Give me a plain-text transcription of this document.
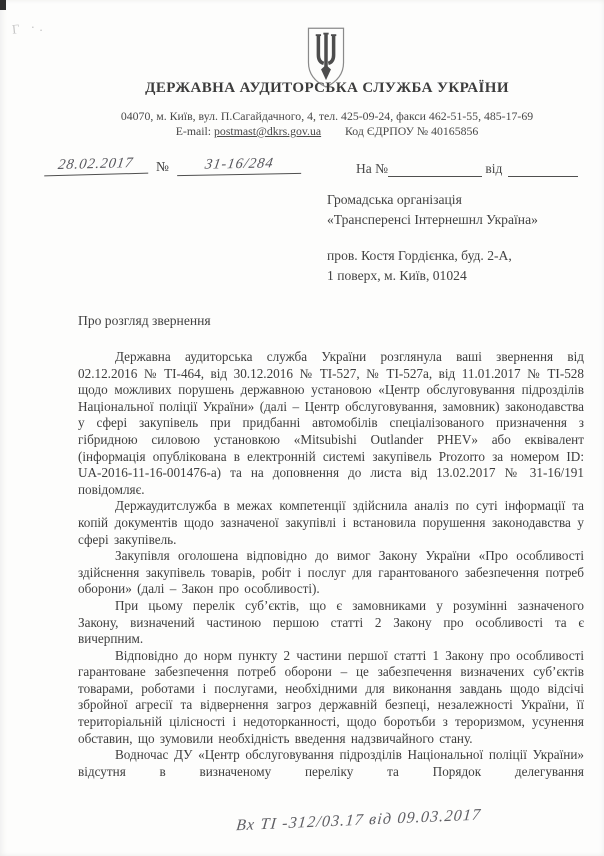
Г ·.
ДЕРЖАВНА АУДИТОРСЬКА СЛУЖБА УКРАЇНИ
04070, м. Київ, вул. П.Сагайдачного, 4, тел. 425-09-24, факси 462-51-55, 485-17-69
E-mail: postmast@dkrs.gov.ua Код ЄДРПОУ № 40165856
28.02.2017	№	31-16/284	На №	від
Громадська організація
«Трансперенсі Інтернешнл Україна»
пров. Костя Гордієнка, буд. 2-А,
1 поверх, м. Київ, 01024
Про розгляд звернення

Державна аудиторська служба України розглянула ваші звернення від 02.12.2016 № ТІ-464, від 30.12.2016 № ТІ-527, № ТІ-527а, від 11.01.2017 № ТІ-528 щодо можливих порушень державною установою «Центр обслуговування підрозділів Національної поліції України» (далі – Центр обслуговування, замовник) законодавства у сфері закупівель при придбанні автомобілів спеціалізованого призначення з гібридною силовою установкою «Mitsubishi Outlander PHEV» або еквівалент (інформація опублікована в електронній системі закупівель Prozorro за номером ID: UA-2016-11-16-001476-а) та на доповнення до листа від 13.02.2017 № 31-16/191 повідомляє.

Держаудитслужба в межах компетенції здійснила аналіз по суті інформації та копій документів щодо зазначеної закупівлі і встановила порушення законодавства у сфері закупівель.

Закупівля оголошена відповідно до вимог Закону України «Про особливості здійснення закупівель товарів, робіт і послуг для гарантованого забезпечення потреб оборони» (далі – Закон про особливості).

При цьому перелік суб’єктів, що є замовниками у розумінні зазначеного Закону, визначений частиною першою статті 2 Закону про особливості та є вичерпним.

Відповідно до норм пункту 2 частини першої статті 1 Закону про особливості гарантоване забезпечення потреб оборони – це забезпечення визначених суб’єктів товарами, роботами і послугами, необхідними для виконання завдань щодо відсічі збройної агресії та відвернення загроз державній безпеці, незалежності України, її територіальній цілісності і недоторканності, щодо боротьби з тероризмом, усунення обставин, що зумовили необхідність введення надзвичайного стану.

Водночас ДУ «Центр обслуговування підрозділів Національної поліції України» відсутня в визначеному переліку та Порядок делегування

Вх ТІ -312/03.17 від 09.03.2017
